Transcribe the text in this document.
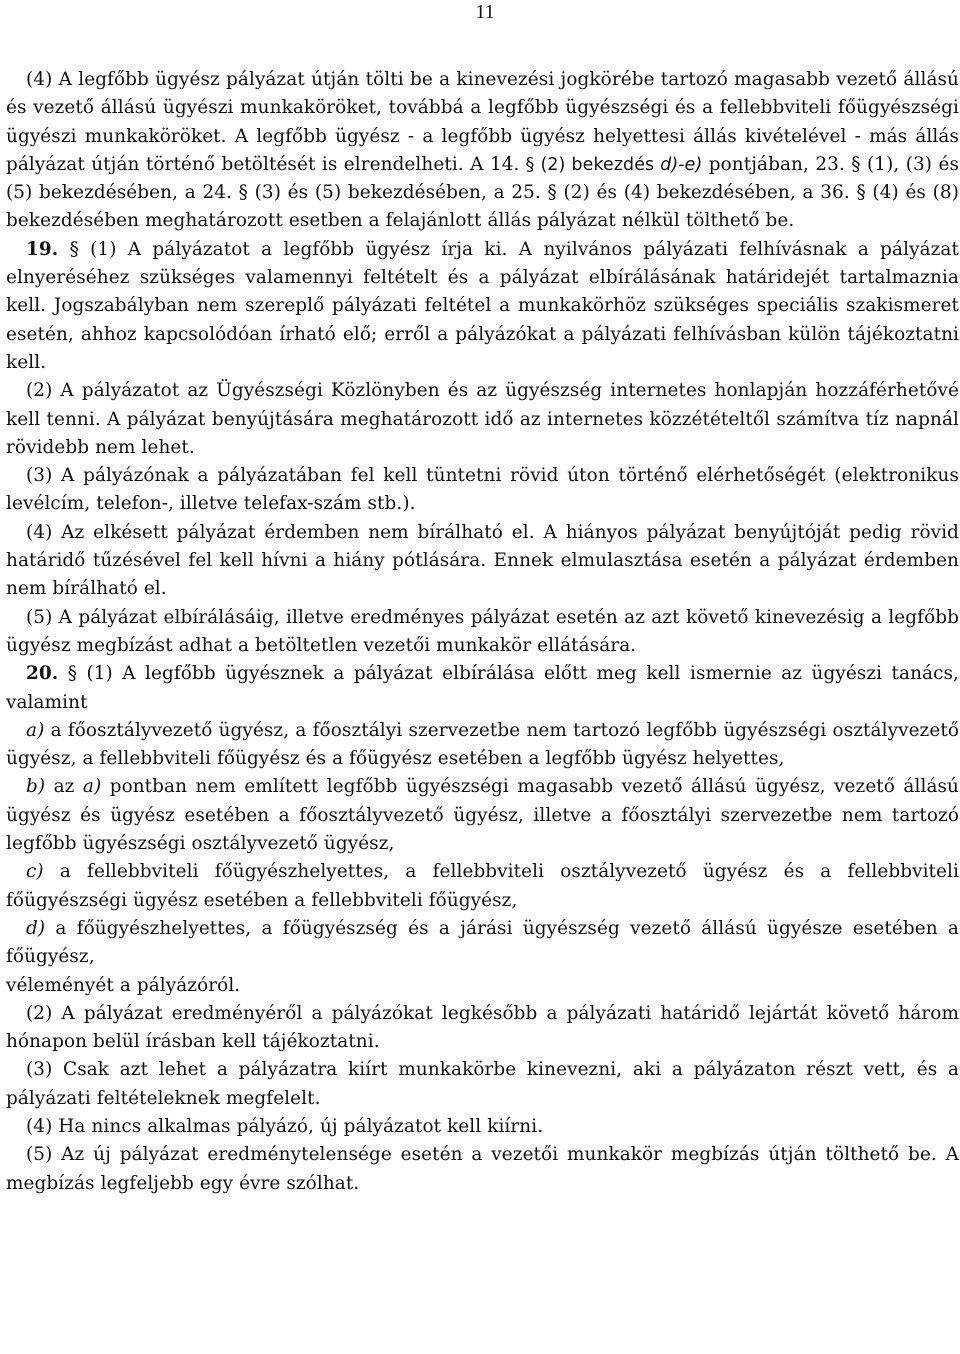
11

(4) A legfőbb ügyész pályázat útján tölti be a kinevezési jogkörébe tartozó magasabb vezető állású és vezető állású ügyészi munkaköröket, továbbá a legfőbb ügyészségi és a fellebbviteli főügyészségi ügyészi munkaköröket. A legfőbb ügyész - a legfőbb ügyész helyettesi állás kivételével - más állás pályázat útján történő betöltését is elrendelheti. A 14. § (2) bekezdés d)-e) pontjában, 23. § (1), (3) és (5) bekezdésében, a 24. § (3) és (5) bekezdésében, a 25. § (2) és (4) bekezdésében, a 36. § (4) és (8) bekezdésében meghatározott esetben a felajánlott állás pályázat nélkül tölthető be.

19. § (1) A pályázatot a legfőbb ügyész írja ki. A nyilvános pályázati felhívásnak a pályázat elnyeréséhez szükséges valamennyi feltételt és a pályázat elbírálásának határidejét tartalmaznia kell. Jogszabályban nem szereplő pályázati feltétel a munkakörhöz szükséges speciális szakismeret esetén, ahhoz kapcsolódóan írható elő; erről a pályázókat a pályázati felhívásban külön tájékoztatni kell.

(2) A pályázatot az Ügyészségi Közlönyben és az ügyészség internetes honlapján hozzáférhetővé kell tenni. A pályázat benyújtására meghatározott idő az internetes közzétételtől számítva tíz napnál rövidebb nem lehet.

(3) A pályázónak a pályázatában fel kell tüntetni rövid úton történő elérhetőségét (elektronikus levélcím, telefon-, illetve telefax-szám stb.).

(4) Az elkésett pályázat érdemben nem bírálható el. A hiányos pályázat benyújtóját pedig rövid határidő tűzésével fel kell hívni a hiány pótlására. Ennek elmulasztása esetén a pályázat érdemben nem bírálható el.

(5) A pályázat elbírálásáig, illetve eredményes pályázat esetén az azt követő kinevezésig a legfőbb ügyész megbízást adhat a betöltetlen vezetői munkakör ellátására.

20. § (1) A legfőbb ügyésznek a pályázat elbírálása előtt meg kell ismernie az ügyészi tanács, valamint

a) a főosztályvezető ügyész, a főosztályi szervezetbe nem tartozó legfőbb ügyészségi osztályvezető ügyész, a fellebbviteli főügyész és a főügyész esetében a legfőbb ügyész helyettes,

b) az a) pontban nem említett legfőbb ügyészségi magasabb vezető állású ügyész, vezető állású ügyész és ügyész esetében a főosztályvezető ügyész, illetve a főosztályi szervezetbe nem tartozó legfőbb ügyészségi osztályvezető ügyész,

c) a fellebbviteli főügyészhelyettes, a fellebbviteli osztályvezető ügyész és a fellebbviteli főügyészségi ügyész esetében a fellebbviteli főügyész,

d) a főügyészhelyettes, a főügyészség és a járási ügyészség vezető állású ügyésze esetében a főügyész,

véleményét a pályázóról.

(2) A pályázat eredményéről a pályázókat legkésőbb a pályázati határidő lejártát követő három hónapon belül írásban kell tájékoztatni.

(3) Csak azt lehet a pályázatra kiírt munkakörbe kinevezni, aki a pályázaton részt vett, és a pályázati feltételeknek megfelelt.

(4) Ha nincs alkalmas pályázó, új pályázatot kell kiírni.

(5) Az új pályázat eredménytelensége esetén a vezetői munkakör megbízás útján tölthető be. A megbízás legfeljebb egy évre szólhat.
